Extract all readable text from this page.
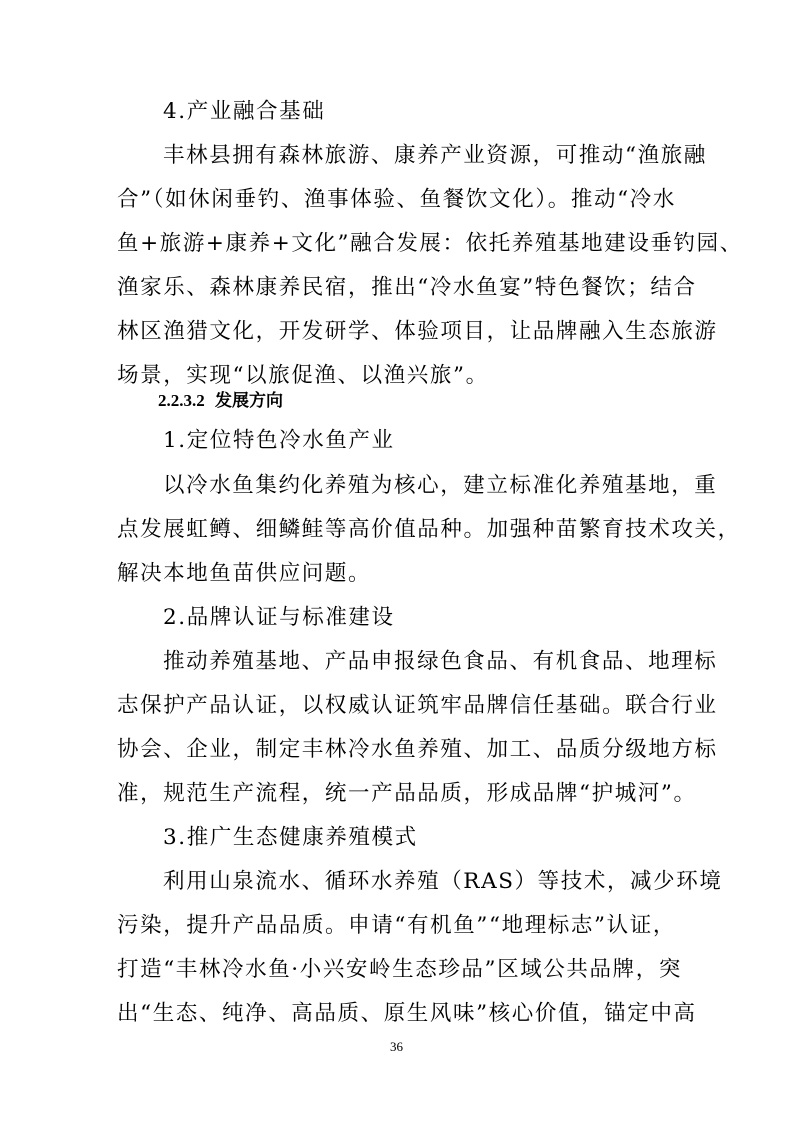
4.产业融合基础
丰林县拥有森林旅游、康养产业资源，可推动“渔旅融
合”（如休闲垂钓、渔事体验、鱼餐饮文化）。推动“冷水
鱼+旅游+康养+文化”融合发展：依托养殖基地建设垂钓园、
渔家乐、森林康养民宿，推出“冷水鱼宴”特色餐饮；结合
林区渔猎文化，开发研学、体验项目，让品牌融入生态旅游
场景，实现“以旅促渔、以渔兴旅”。
2.2.3.2 发展方向
1.定位特色冷水鱼产业
以冷水鱼集约化养殖为核心，建立标准化养殖基地，重
点发展虹鳟、细鳞鲑等高价值品种。加强种苗繁育技术攻关，
解决本地鱼苗供应问题。
2.品牌认证与标准建设
推动养殖基地、产品申报绿色食品、有机食品、地理标
志保护产品认证，以权威认证筑牢品牌信任基础。联合行业
协会、企业，制定丰林冷水鱼养殖、加工、品质分级地方标
准，规范生产流程，统一产品品质，形成品牌“护城河”。
3.推广生态健康养殖模式
利用山泉流水、循环水养殖（RAS）等技术，减少环境
污染，提升产品品质。申请“有机鱼”“地理标志”认证，
打造“丰林冷水鱼·小兴安岭生态珍品”区域公共品牌，突
出“生态、纯净、高品质、原生风味”核心价值，锚定中高
36
